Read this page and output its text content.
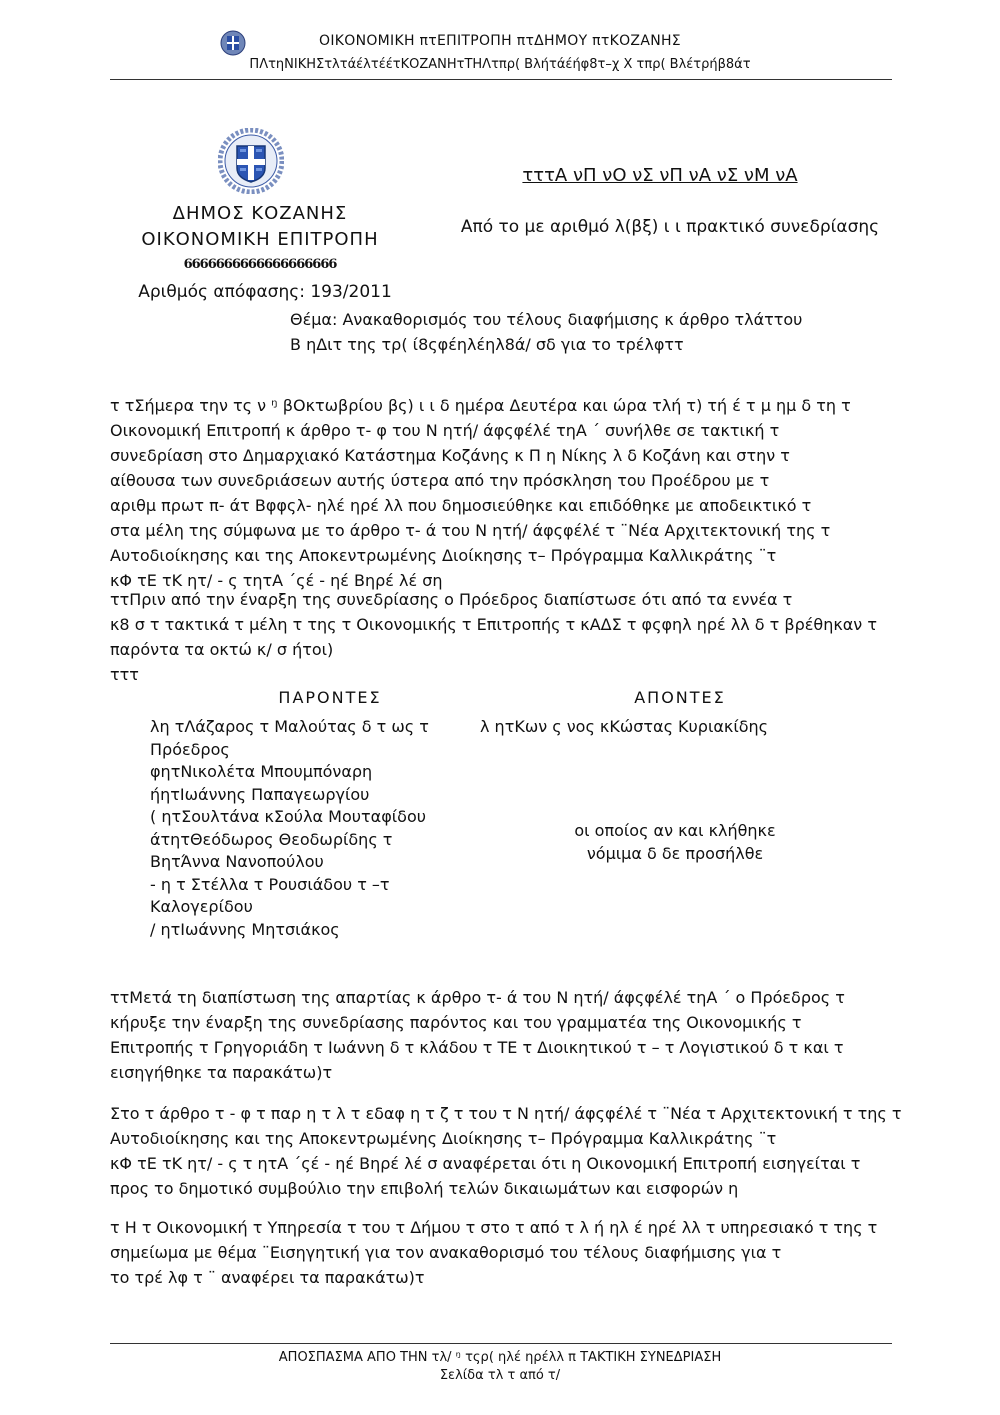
ΟΙΚΟΝΟΜΙΚΗ πτΕΠΙΤΡΟΠΗ πτΔΗΜΟΥ πτΚΟΖΑΝΗΣ
ΠΛτηΝΙΚΗΣτλτάέλτέέτΚΟΖΑΝΗτΤΗΛτπρ( Βλήτάέήφ8τ–χ Χ τπρ( Βλέτρήβ8άτ
ΔΗΜΟΣ ΚΟΖΑΝΗΣ
ΟΙΚΟΝΟΜΙΚΗ ΕΠΙΤΡΟΠΗ
6666666666666666666
Αριθμός απόφασης: 193/2011
τττΑ νΠ νΟ νΣ νΠ νΑ νΣ νΜ νΑ
Από το με αριθμό λ(βξ) ι ι πρακτικό συνεδρίασης
Θέμα: Ανακαθορισμός του τέλους διαφήμισης κ άρθρο τλάττου
Β ηΔιτ της τρ( ί8ςφέηλέηλ8ά/ σδ για το τρέλφττ
τ τΣήμερα την τς ν ᵑ βΟκτωβρίου βς) ι ι δ ημέρα Δευτέρα και ώρα τλή τ) τή έ τ μ ημ δ τη τ
Οικονομική Επιτροπή κ άρθρο τ- φ του Ν ητή/ άφςφέλέ τηΑ ΄ συνήλθε σε τακτική τ
συνεδρίαση στο Δημαρχιακό Κατάστημα Κοζάνης κ Π η Νίκης λ δ Κοζάνη και στην τ
αίθουσα των συνεδριάσεων αυτής ύστερα από την πρόσκληση του Προέδρου με τ
αριθμ πρωτ π- άτ Βφφςλ- ηλέ ηρέ λλ που δημοσιεύθηκε και επιδόθηκε με αποδεικτικό τ
στα μέλη της σύμφωνα με το άρθρο τ- ά του Ν ητή/ άφςφέλέ τ ¨Νέα Αρχιτεκτονική της τ
Αυτοδιοίκησης και της Αποκεντρωμένης Διοίκησης τ– Πρόγραμμα Καλλικράτης ¨τ
κΦ τΕ τΚ ητ/ - ς τητΑ ΄ςέ - ηέ Βηρέ λέ ση
ττΠριν από την έναρξη της συνεδρίασης ο Πρόεδρος διαπίστωσε ότι από τα εννέα τ
κ8 σ τ τακτικά τ μέλη τ της τ Οικονομικής τ Επιτροπής τ κΑΔΣ τ φςφηλ ηρέ λλ δ τ βρέθηκαν τ
παρόντα τα οκτώ κ/ σ ήτοι)
τττ
ΠΑΡΟΝΤΕΣ	ΑΠΟΝΤΕΣ
λη τΛάζαρος τ Μαλούτας δ τ ως τ
Πρόεδρος
φητΝικολέτα Μπουμπόναρη
ήητΙωάννης Παπαγεωργίου
( ητΣουλτάνα κΣούλα Μουταφίδου
άτητΘεόδωρος Θεοδωρίδης τ
ΒητΆννα Νανοπούλου
- η τ Στέλλα τ Ρουσιάδου τ –τ
Καλογερίδου
/ ητΙωάννης Μητσιάκος
λ ητΚων ς νος κΚώστας Κυριακίδης
οι οποίος αν και κλήθηκε
νόμιμα δ δε προσήλθε
ττΜετά τη διαπίστωση της απαρτίας κ άρθρο τ- ά του Ν ητή/ άφςφέλέ τηΑ ΄ ο Πρόεδρος τ
κήρυξε την έναρξη της συνεδρίασης παρόντος και του γραμματέα της Οικονομικής τ
Επιτροπής τ Γρηγοριάδη τ Ιωάννη δ τ κλάδου τ ΤΕ τ Διοικητικού τ – τ Λογιστικού δ τ και τ
εισηγήθηκε τα παρακάτω)τ
Στο τ άρθρο τ - φ τ παρ η τ λ τ εδαφ η τ ζ τ του τ Ν ητή/ άφςφέλέ τ ¨Νέα τ Αρχιτεκτονική τ της τ
Αυτοδιοίκησης και της Αποκεντρωμένης Διοίκησης τ– Πρόγραμμα Καλλικράτης ¨τ
κΦ τΕ τΚ ητ/ - ς τ ητΑ ΄ςέ - ηέ Βηρέ λέ σ αναφέρεται ότι η Οικονομική Επιτροπή εισηγείται τ
προς το δημοτικό συμβούλιο την επιβολή τελών δικαιωμάτων και εισφορών η
τ Η τ Οικονομική τ Υπηρεσία τ του τ Δήμου τ στο τ από τ λ ή ηλ έ ηρέ λλ τ υπηρεσιακό τ της τ
σημείωμα με θέμα ¨Εισηγητική για τον ανακαθορισμό του τέλους διαφήμισης για τ
το τρέ λφ τ ¨ αναφέρει τα παρακάτω)τ
ΑΠΟΣΠΑΣΜΑ ΑΠΟ ΤΗΝ τλ/ ᵑ τςρ( ηλέ ηρέλλ π ΤΑΚΤΙΚΗ ΣΥΝΕΔΡΙΑΣΗ
Σελίδα τλ τ από τ/
